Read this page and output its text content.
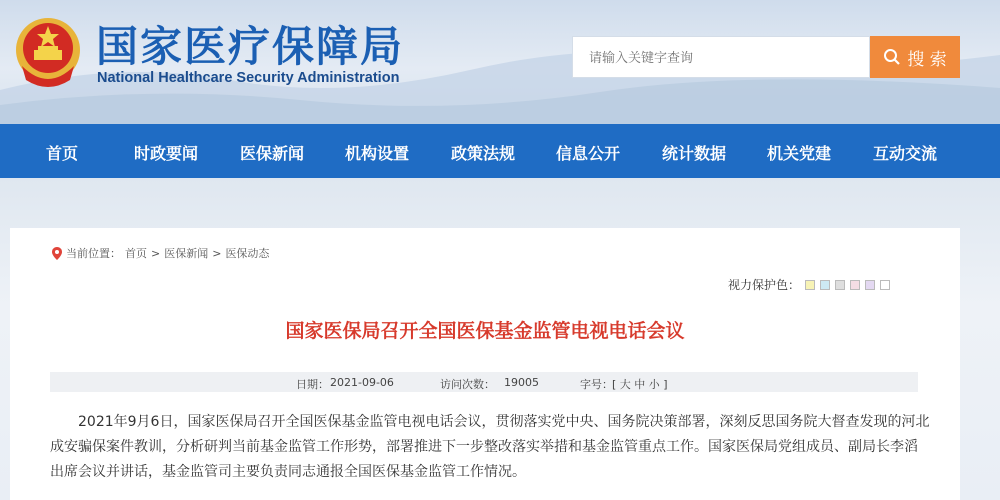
国家医疗保障局
National Healthcare Security Administration
请输入关键字查询
搜 索
首页	时政要闻	医保新闻	机构设置	政策法规	信息公开	统计数据	机关党建	互动交流
当前位置： 首页 > 医保新闻 > 医保动态
视力保护色：
国家医保局召开全国医保基金监管电视电话会议
日期： 2021-09-06	访问次数： 19005	字号： [ 大 中 小 ]
2021年9月6日，国家医保局召开全国医保基金监管电视电话会议，贯彻落实党中央、国务院决策部署，深刻反思国务院大督查发现的河北成安骗保案件教训，分析研判当前基金监管工作形势，部署推进下一步整改落实举措和基金监管重点工作。国家医保局党组成员、副局长李滔出席会议并讲话，基金监管司主要负责同志通报全国医保基金监管工作情况。
